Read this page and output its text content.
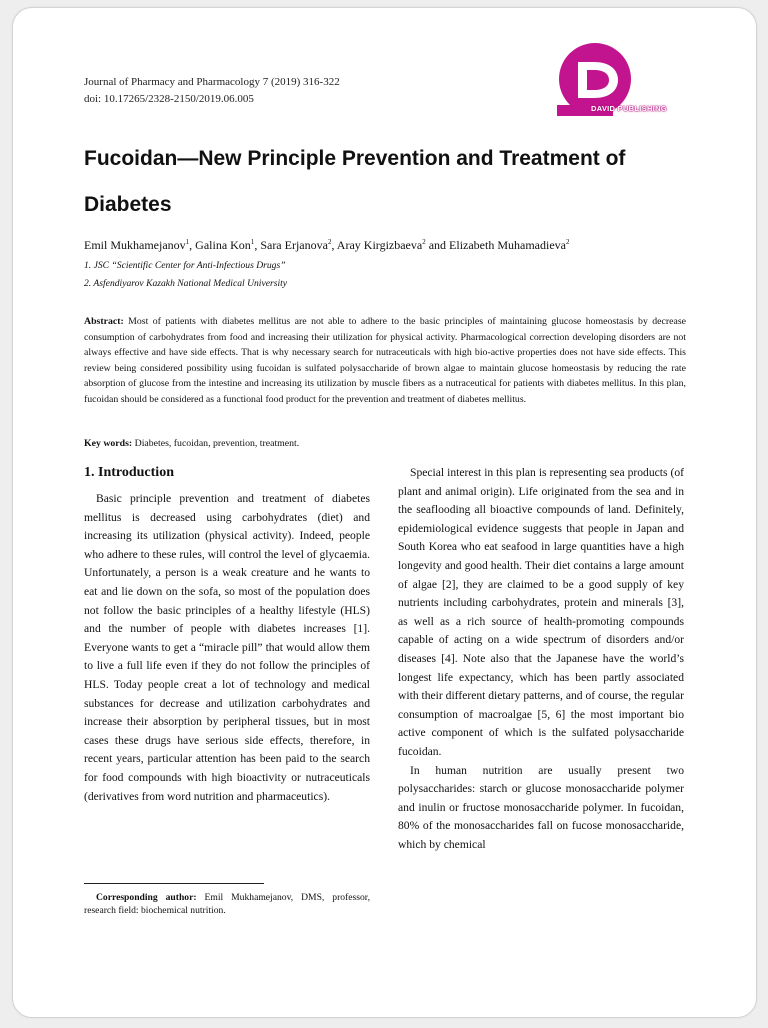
Journal of Pharmacy and Pharmacology 7 (2019) 316-322
doi: 10.17265/2328-2150/2019.06.005
DAVID PUBLISHING
Fucoidan—New Principle Prevention and Treatment of Diabetes
Emil Mukhamejanov$^1$, Galina Kon$^1$, Sara Erjanova$^2$, Aray Kirgizbaeva$^2$ and Elizabeth Muhamadieva$^2$
1. JSC “Scientific Center for Anti-Infectious Drugs”
2. Asfendiyarov Kazakh National Medical University
Abstract: Most of patients with diabetes mellitus are not able to adhere to the basic principles of maintaining glucose homeostasis by decrease consumption of carbohydrates from food and increasing their utilization for physical activity. Pharmacological correction developing disorders are not always effective and have side effects. That is why necessary search for nutraceuticals with high bio-active properties does not have side effects. This review being considered possibility using fucoidan is sulfated polysaccharide of brown algae to maintain glucose homeostasis by reducing the rate absorption of glucose from the intestine and increasing its utilization by muscle fibers as a nutraceutical for patients with diabetes mellitus. In this plan, fucoidan should be considered as a functional food product for the prevention and treatment of diabetes mellitus.
Key words: Diabetes, fucoidan, prevention, treatment.
1. Introduction

Basic principle prevention and treatment of diabetes mellitus is decreased using carbohydrates (diet) and increasing its utilization (physical activity). Indeed, people who adhere to these rules, will control the level of glycaemia. Unfortunately, a person is a weak creature and he wants to eat and lie down on the sofa, so most of the population does not follow the basic principles of a healthy lifestyle (HLS) and the number of people with diabetes increases [1]. Everyone wants to get a “miracle pill” that would allow them to live a full life even if they do not follow the principles of HLS. Today people creat a lot of technology and medical substances for decrease and utilization carbohydrates and increase their absorption by peripheral tissues, but in most cases these drugs have serious side effects, therefore, in recent years, particular attention has been paid to the search for food compounds with high bioactivity or nutraceuticals (derivatives from word nutrition and pharmaceutics).

Special interest in this plan is representing sea products (of plant and animal origin). Life originated from the sea and in the seaflooding all bioactive compounds of land. Definitely, epidemiological evidence suggests that people in Japan and South Korea who eat seafood in large quantities have a high longevity and good health. Their diet contains a large amount of algae [2], they are claimed to be a good supply of key nutrients including carbohydrates, protein and minerals [3], as well as a rich source of health-promoting compounds capable of acting on a wide spectrum of disorders and/or diseases [4]. Note also that the Japanese have the world’s longest life expectancy, which has been partly associated with their different dietary patterns, and of course, the regular consumption of macroalgae [5, 6] the most important bio active component of which is the sulfated polysaccharide fucoidan.

In human nutrition are usually present two polysaccharides: starch or glucose monosaccharide polymer and inulin or fructose monosaccharide polymer. In fucoidan, 80% of the monosaccharides fall on fucose monosaccharide, which by chemical

Corresponding author: Emil Mukhamejanov, DMS, professor, research field: biochemical nutrition.
